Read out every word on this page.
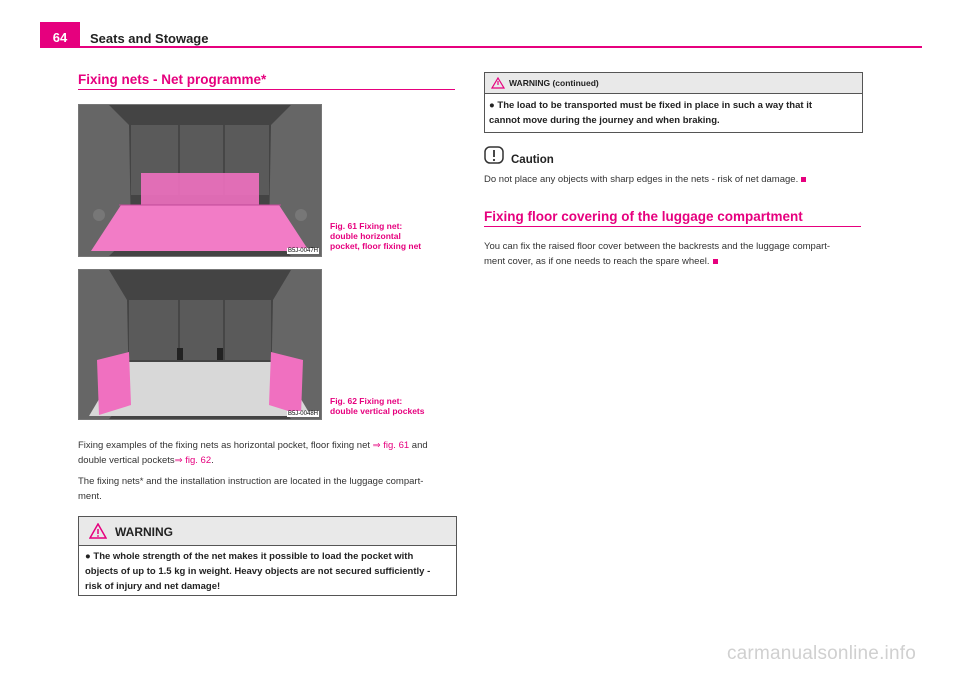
64	Seats and Stowage
Fixing nets - Net programme*
B5J-0047H
Fig. 61 Fixing net:
double horizontal
pocket, floor fixing net
B5J-0048H
Fig. 62 Fixing net:
double vertical pockets
Fixing examples of the fixing nets as horizontal pocket, floor fixing net ⇒ fig. 61 and
double vertical pockets⇒ fig. 62.
The fixing nets* and the installation instruction are located in the luggage compart-
ment.
WARNING
● The whole strength of the net makes it possible to load the pocket with
objects of up to 1.5 kg in weight. Heavy objects are not secured sufficiently -
risk of injury and net damage!
WARNING (continued)
● The load to be transported must be fixed in place in such a way that it
cannot move during the journey and when braking.
Caution
Do not place any objects with sharp edges in the nets - risk of net damage.
Fixing floor covering of the luggage compartment
You can fix the raised floor cover between the backrests and the luggage compart-
ment cover, as if one needs to reach the spare wheel.
carmanualsonline.info
